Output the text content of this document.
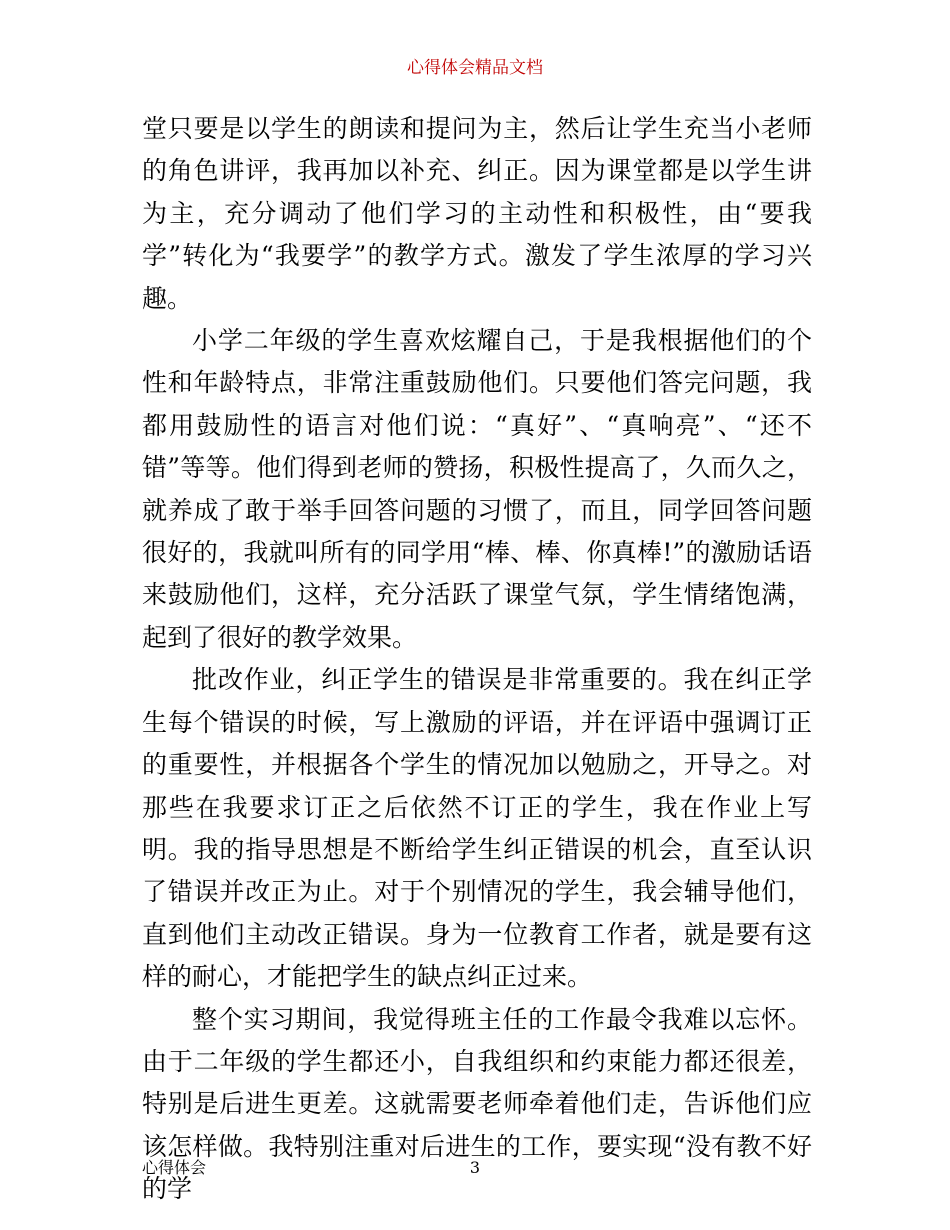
心得体会精品文档

堂只要是以学生的朗读和提问为主，然后让学生充当小老师的角色讲评，我再加以补充、纠正。因为课堂都是以学生讲为主，充分调动了他们学习的主动性和积极性，由“要我学”转化为“我要学”的教学方式。激发了学生浓厚的学习兴趣。

小学二年级的学生喜欢炫耀自己，于是我根据他们的个性和年龄特点，非常注重鼓励他们。只要他们答完问题，我都用鼓励性的语言对他们说：“真好”、“真响亮”、“还不错”等等。他们得到老师的赞扬，积极性提高了，久而久之，就养成了敢于举手回答问题的习惯了，而且，同学回答问题很好的，我就叫所有的同学用“棒、棒、你真棒!”的激励话语来鼓励他们，这样，充分活跃了课堂气氛，学生情绪饱满，起到了很好的教学效果。

批改作业，纠正学生的错误是非常重要的。我在纠正学生每个错误的时候，写上激励的评语，并在评语中强调订正的重要性，并根据各个学生的情况加以勉励之，开导之。对那些在我要求订正之后依然不订正的学生，我在作业上写明。我的指导思想是不断给学生纠正错误的机会，直至认识了错误并改正为止。对于个别情况的学生，我会辅导他们，直到他们主动改正错误。身为一位教育工作者，就是要有这样的耐心，才能把学生的缺点纠正过来。

整个实习期间，我觉得班主任的工作最令我难以忘怀。由于二年级的学生都还小，自我组织和约束能力都还很差，特别是后进生更差。这就需要老师牵着他们走，告诉他们应该怎样做。我特别注重对后进生的工作，要实现“没有教不好的学

心得体会	3
